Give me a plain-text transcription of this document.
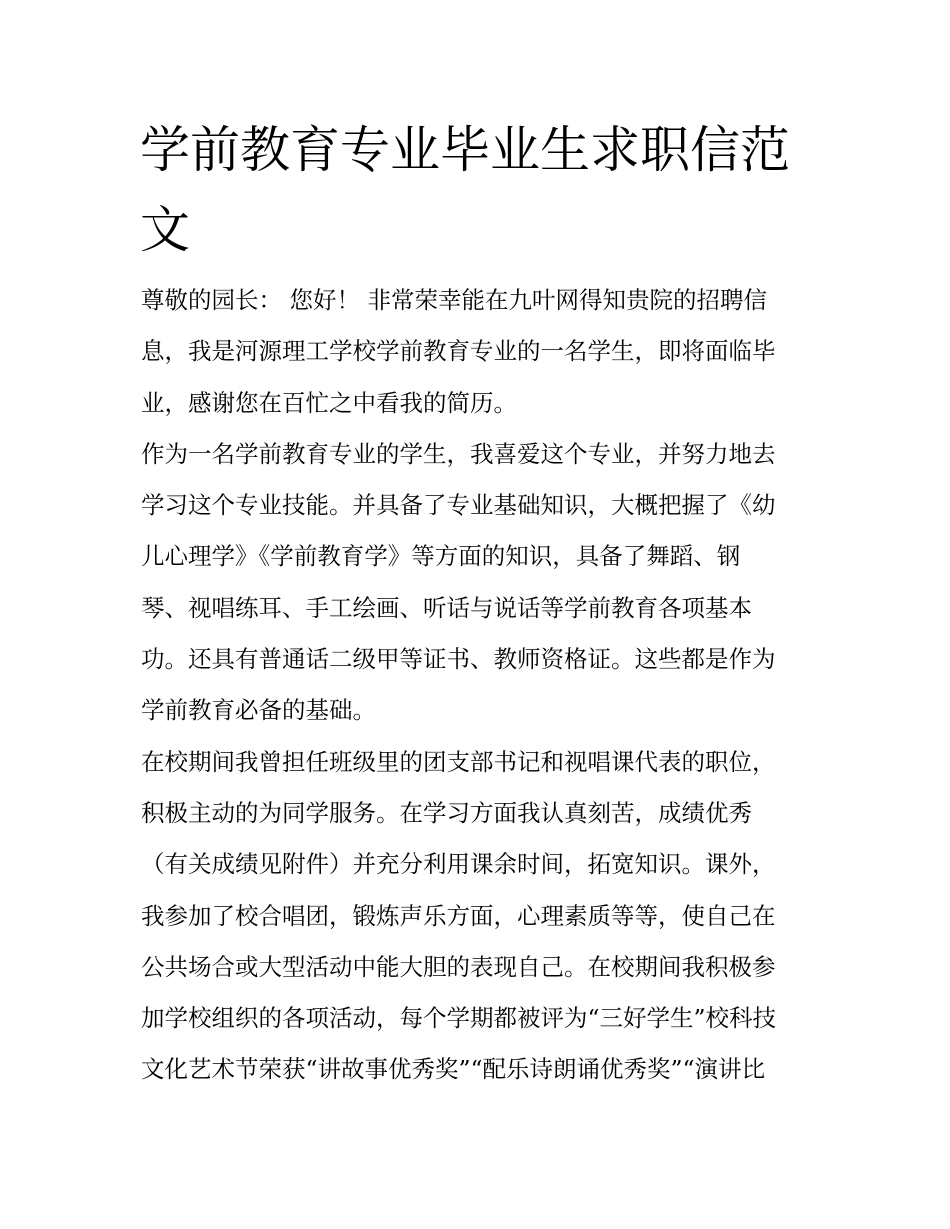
学前教育专业毕业生求职信范
文
尊敬的园长： 您好！ 非常荣幸能在九叶网得知贵院的招聘信
息，我是河源理工学校学前教育专业的一名学生，即将面临毕
业，感谢您在百忙之中看我的简历。
作为一名学前教育专业的学生，我喜爱这个专业，并努力地去
学习这个专业技能。并具备了专业基础知识，大概把握了《幼
儿心理学》《学前教育学》等方面的知识，具备了舞蹈、钢
琴、视唱练耳、手工绘画、听话与说话等学前教育各项基本
功。还具有普通话二级甲等证书、教师资格证。这些都是作为
学前教育必备的基础。
在校期间我曾担任班级里的团支部书记和视唱课代表的职位，
积极主动的为同学服务。在学习方面我认真刻苦，成绩优秀
（有关成绩见附件）并充分利用课余时间，拓宽知识。课外，
我参加了校合唱团，锻炼声乐方面，心理素质等等，使自己在
公共场合或大型活动中能大胆的表现自己。在校期间我积极参
加学校组织的各项活动，每个学期都被评为“三好学生”校科技
文化艺术节荣获“讲故事优秀奖”“配乐诗朗诵优秀奖”“演讲比
